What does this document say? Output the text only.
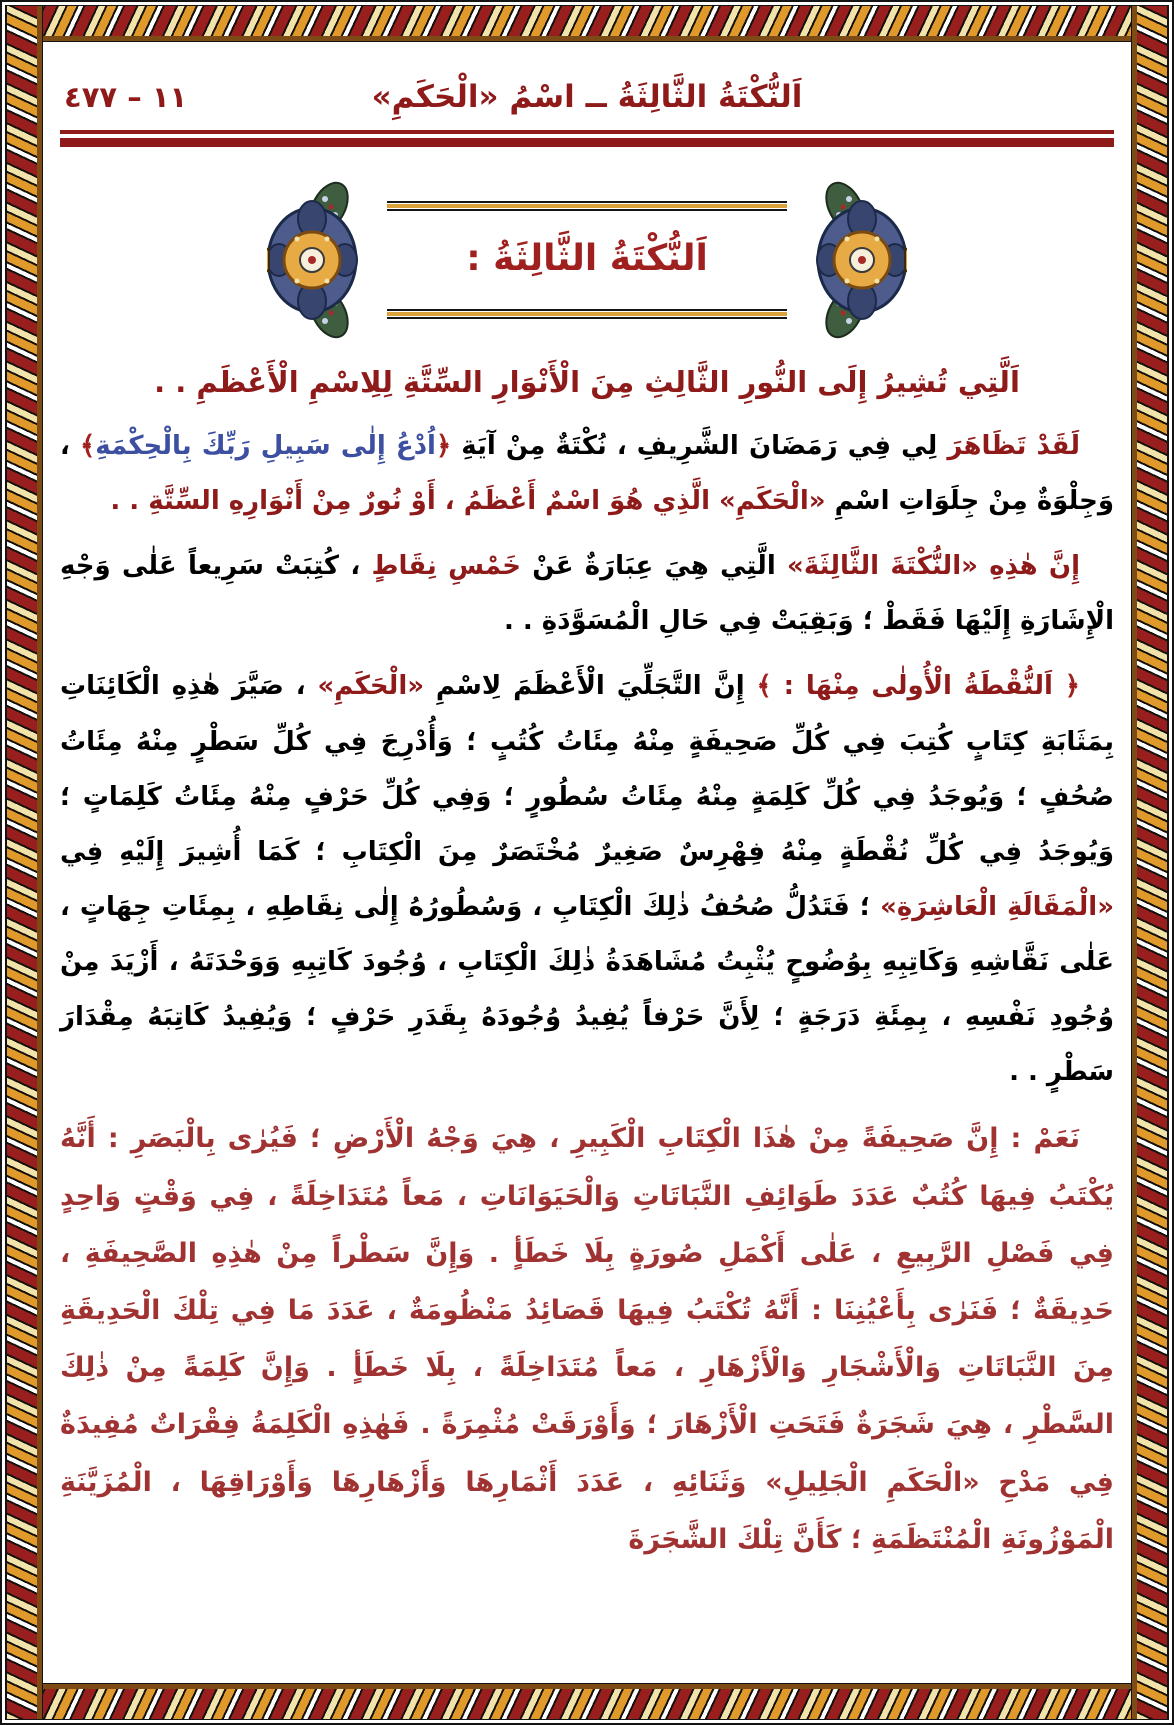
اَلنُّكْتَةُ الثَّالِثَةُ ــ اسْمُ «الْحَكَمِ»
١١ – ٤٧٧
اَلنُّكْتَةُ الثَّالِثَةُ :
اَلَّتِي تُشِيرُ إِلَى النُّورِ الثَّالِثِ مِنَ الْأَنْوَارِ السِّتَّةِ لِلِاسْمِ الْأَعْظَمِ . .

لَقَدْ تَظَاهَرَ لِي فِي رَمَضَانَ الشَّرِيفِ ، نُكْتَةٌ مِنْ آيَةِ ﴿اُدْعُ إِلٰى سَبِيلِ رَبِّكَ بِالْحِكْمَةِ﴾ ، وَجِلْوَةٌ مِنْ جِلَوَاتِ اسْمِ «الْحَكَمِ» الَّذِي هُوَ اسْمٌ أَعْظَمُ ، أَوْ نُورٌ مِنْ أَنْوَارِهِ السِّتَّةِ . .

إِنَّ هٰذِهِ «النُّكْتَةَ الثَّالِثَةَ» الَّتِي هِيَ عِبَارَةٌ عَنْ خَمْسِ نِقَاطٍ ، كُتِبَتْ سَرِيعاً عَلٰى وَجْهِ الْإِشَارَةِ إِلَيْهَا فَقَطْ ؛ وَبَقِيَتْ فِي حَالِ الْمُسَوَّدَةِ . .

﴿ اَلنُّقْطَةُ الْأُولٰى مِنْهَا : ﴾ إِنَّ التَّجَلِّيَ الْأَعْظَمَ لِاسْمِ «الْحَكَمِ» ، صَيَّرَ هٰذِهِ الْكَائِنَاتِ بِمَثَابَةِ كِتَابٍ كُتِبَ فِي كُلِّ صَحِيفَةٍ مِنْهُ مِئَاتُ كُتُبٍ ؛ وَأُدْرِجَ فِي كُلِّ سَطْرٍ مِنْهُ مِئَاتُ صُحُفٍ ؛ وَيُوجَدُ فِي كُلِّ كَلِمَةٍ مِنْهُ مِئَاتُ سُطُورٍ ؛ وَفِي كُلِّ حَرْفٍ مِنْهُ مِئَاتُ كَلِمَاتٍ ؛ وَيُوجَدُ فِي كُلِّ نُقْطَةٍ مِنْهُ فِهْرِسٌ صَغِيرٌ مُخْتَصَرٌ مِنَ الْكِتَابِ ؛ كَمَا أُشِيرَ إِلَيْهِ فِي «الْمَقَالَةِ الْعَاشِرَةِ» ؛ فَتَدُلُّ صُحُفُ ذٰلِكَ الْكِتَابِ ، وَسُطُورُهُ إِلٰى نِقَاطِهِ ، بِمِئَاتِ جِهَاتٍ ، عَلٰى نَقَّاشِهِ وَكَاتِبِهِ بِوُضُوحٍ يُثْبِتُ مُشَاهَدَةُ ذٰلِكَ الْكِتَابِ ، وُجُودَ كَاتِبِهِ وَوَحْدَتَهُ ، أَزْيَدَ مِنْ وُجُودِ نَفْسِهِ ، بِمِئَةِ دَرَجَةٍ ؛ لِأَنَّ حَرْفاً يُفِيدُ وُجُودَهُ بِقَدَرِ حَرْفٍ ؛ وَيُفِيدُ كَاتِبَهُ مِقْدَارَ سَطْرٍ . .

نَعَمْ : إِنَّ صَحِيفَةً مِنْ هٰذَا الْكِتَابِ الْكَبِيرِ ، هِيَ وَجْهُ الْأَرْضِ ؛ فَيُرٰى بِالْبَصَرِ : أَنَّهُ يُكْتَبُ فِيهَا كُتُبٌ عَدَدَ طَوَائِفِ النَّبَاتَاتِ وَالْحَيَوَانَاتِ ، مَعاً مُتَدَاخِلَةً ، فِي وَقْتٍ وَاحِدٍ فِي فَصْلِ الرَّبِيعِ ، عَلٰى أَكْمَلِ صُورَةٍ بِلَا خَطَأٍ . وَإِنَّ سَطْراً مِنْ هٰذِهِ الصَّحِيفَةِ ، حَدِيقَةٌ ؛ فَنَرٰى بِأَعْيُنِنَا : أَنَّهُ تُكْتَبُ فِيهَا قَصَائِدُ مَنْظُومَةٌ ، عَدَدَ مَا فِي تِلْكَ الْحَدِيقَةِ مِنَ النَّبَاتَاتِ وَالْأَشْجَارِ وَالْأَزْهَارِ ، مَعاً مُتَدَاخِلَةً ، بِلَا خَطَأٍ . وَإِنَّ كَلِمَةً مِنْ ذٰلِكَ السَّطْرِ ، هِيَ شَجَرَةٌ فَتَحَتِ الْأَزْهَارَ ؛ وَأَوْرَقَتْ مُثْمِرَةً . فَهٰذِهِ الْكَلِمَةُ فِقْرَاتٌ مُفِيدَةٌ فِي مَدْحِ «الْحَكَمِ الْجَلِيلِ» وَثَنَائِهِ ، عَدَدَ أَثْمَارِهَا وَأَزْهَارِهَا وَأَوْرَاقِهَا ، الْمُزَيَّنَةِ الْمَوْزُونَةِ الْمُنْتَظَمَةِ ؛ كَأَنَّ تِلْكَ الشَّجَرَةَ
